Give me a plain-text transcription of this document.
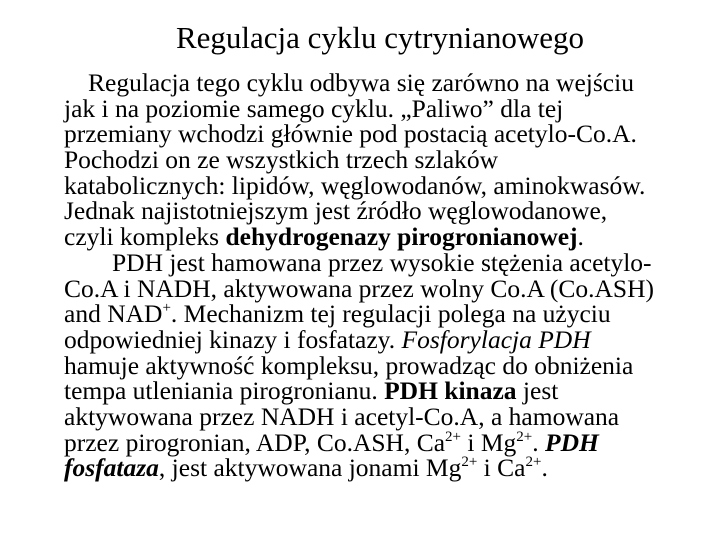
Regulacja cyklu cytrynianowego
Regulacja tego cyklu odbywa się zarówno na wejściu
jak i na poziomie samego cyklu. „Paliwo” dla tej
przemiany wchodzi głównie pod postacią acetylo-Co.A.
Pochodzi on ze wszystkich trzech szlaków
katabolicznych: lipidów, węglowodanów, aminokwasów.
Jednak najistotniejszym jest źródło węglowodanowe,
czyli kompleks dehydrogenazy pirogronianowej.
PDH jest hamowana przez wysokie stężenia acetylo-
Co.A i NADH, aktywowana przez wolny Co.A (Co.ASH)
and NAD+. Mechanizm tej regulacji polega na użyciu
odpowiedniej kinazy i fosfatazy. Fosforylacja PDH
hamuje aktywność kompleksu, prowadząc do obniżenia
tempa utleniania pirogronianu. PDH kinaza jest
aktywowana przez NADH i acetyl-Co.A, a hamowana
przez pirogronian, ADP, Co.ASH, $Ca^{2+}$ i $Mg^{2+}$. PDH
fosfataza, jest aktywowana jonami $Mg^{2+}$ i $Ca^{2+}$.
